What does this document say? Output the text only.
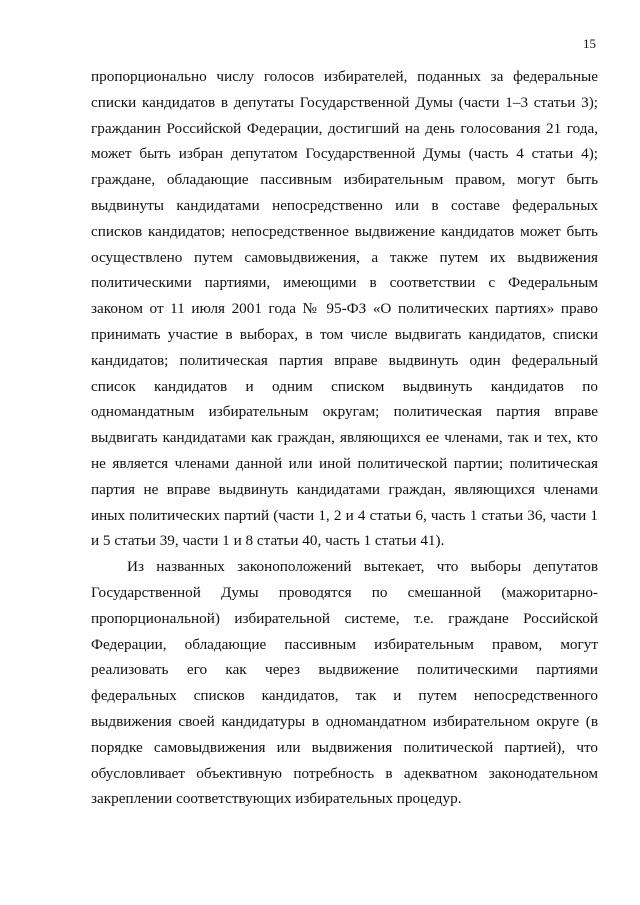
15

пропорционально числу голосов избирателей, поданных за федеральные списки кандидатов в депутаты Государственной Думы (части 1–3 статьи 3); гражданин Российской Федерации, достигший на день голосования 21 года, может быть избран депутатом Государственной Думы (часть 4 статьи 4); граждане, обладающие пассивным избирательным правом, могут быть выдвинуты кандидатами непосредственно или в составе федеральных списков кандидатов; непосредственное выдвижение кандидатов может быть осуществлено путем самовыдвижения, а также путем их выдвижения политическими партиями, имеющими в соответствии с Федеральным законом от 11 июля 2001 года № 95-ФЗ «О политических партиях» право принимать участие в выборах, в том числе выдвигать кандидатов, списки кандидатов; политическая партия вправе выдвинуть один федеральный список кандидатов и одним списком выдвинуть кандидатов по одномандатным избирательным округам; политическая партия вправе выдвигать кандидатами как граждан, являющихся ее членами, так и тех, кто не является членами данной или иной политической партии; политическая партия не вправе выдвинуть кандидатами граждан, являющихся членами иных политических партий (части 1, 2 и 4 статьи 6, часть 1 статьи 36, части 1 и 5 статьи 39, части 1 и 8 статьи 40, часть 1 статьи 41).

Из названных законоположений вытекает, что выборы депутатов Государственной Думы проводятся по смешанной (мажоритарно-пропорциональной) избирательной системе, т.е. граждане Российской Федерации, обладающие пассивным избирательным правом, могут реализовать его как через выдвижение политическими партиями федеральных списков кандидатов, так и путем непосредственного выдвижения своей кандидатуры в одномандатном избирательном округе (в порядке самовыдвижения или выдвижения политической партией), что обусловливает объективную потребность в адекватном законодательном закреплении соответствующих избирательных процедур.
